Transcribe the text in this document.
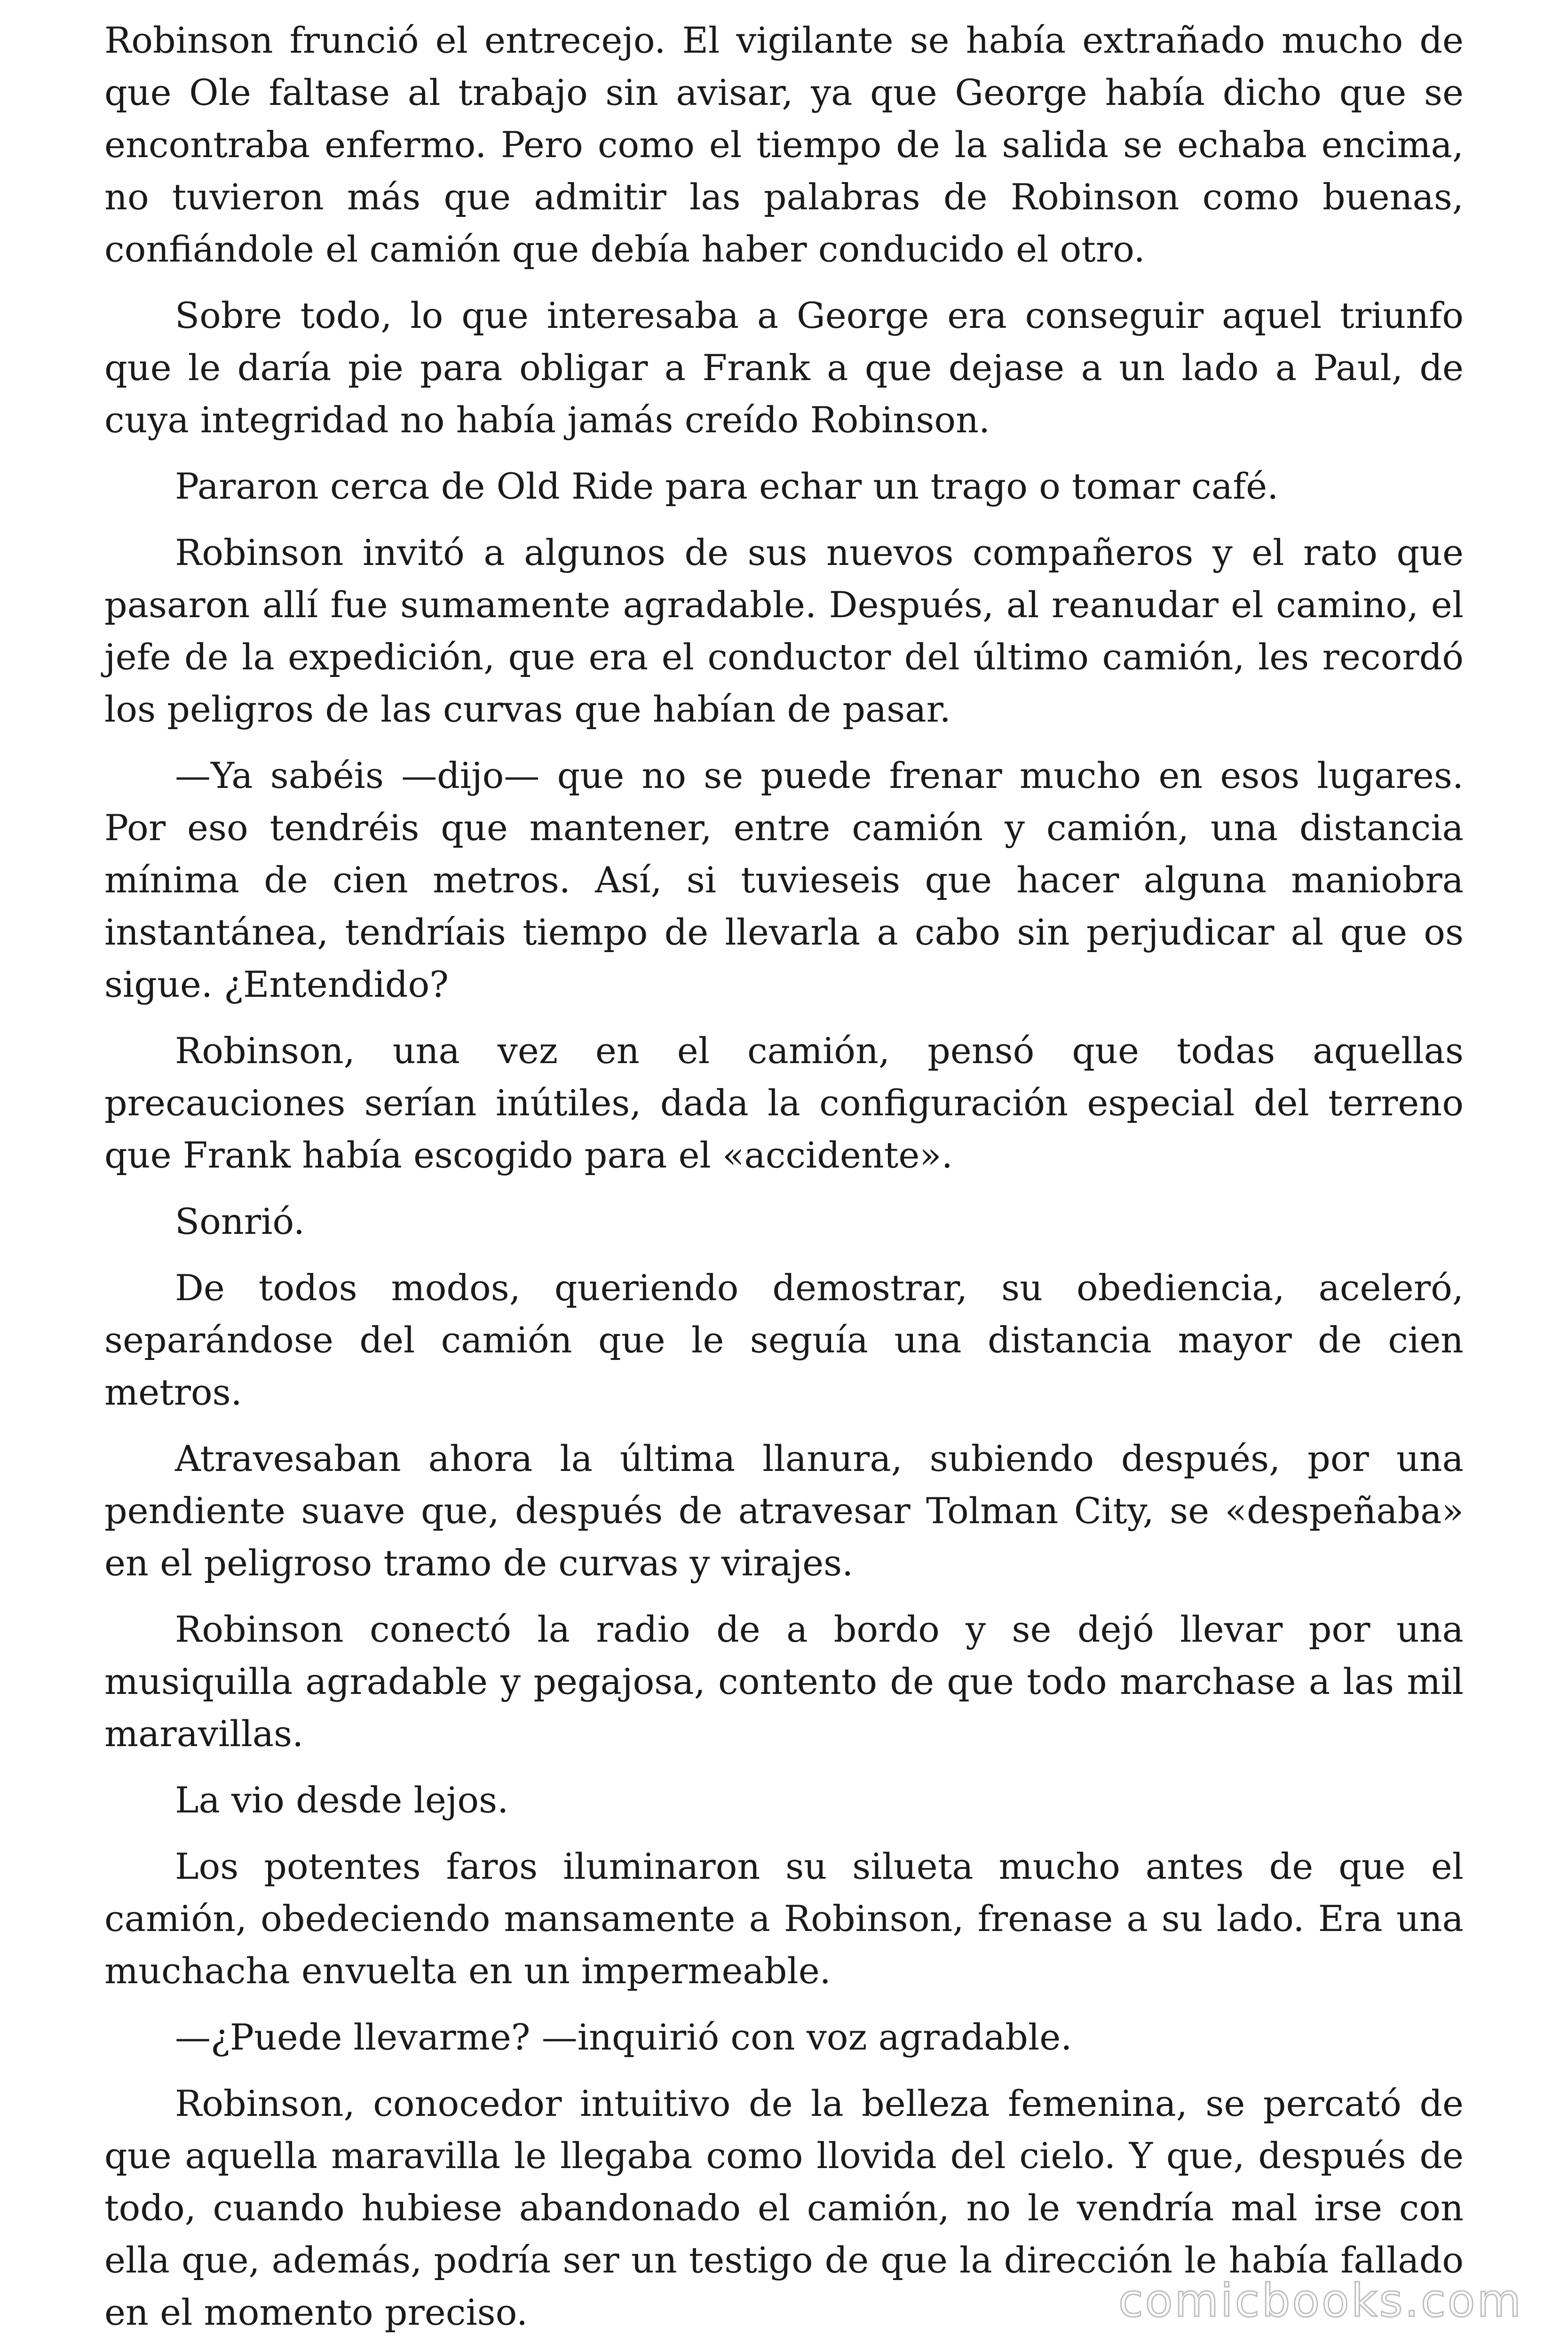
Robinson frunció el entrecejo. El vigilante se había extrañado mucho de que Ole faltase al trabajo sin avisar, ya que George había dicho que se encontraba enfermo. Pero como el tiempo de la salida se echaba encima, no tuvieron más que admitir las palabras de Robinson como buenas, confiándole el camión que debía haber conducido el otro.

Sobre todo, lo que interesaba a George era conseguir aquel triunfo que le daría pie para obligar a Frank a que dejase a un lado a Paul, de cuya integridad no había jamás creído Robinson.

Pararon cerca de Old Ride para echar un trago o tomar café.

Robinson invitó a algunos de sus nuevos compañeros y el rato que pasaron allí fue sumamente agradable. Después, al reanudar el camino, el jefe de la expedición, que era el conductor del último camión, les recordó los peligros de las curvas que habían de pasar.

—Ya sabéis —dijo— que no se puede frenar mucho en esos lugares. Por eso tendréis que mantener, entre camión y camión, una distancia mínima de cien metros. Así, si tuvieseis que hacer alguna maniobra instantánea, tendríais tiempo de llevarla a cabo sin perjudicar al que os sigue. ¿Entendido?

Robinson, una vez en el camión, pensó que todas aquellas precauciones serían inútiles, dada la configuración especial del terreno que Frank había escogido para el «accidente».

Sonrió.

De todos modos, queriendo demostrar, su obediencia, aceleró, separándose del camión que le seguía una distancia mayor de cien metros.

Atravesaban ahora la última llanura, subiendo después, por una pendiente suave que, después de atravesar Tolman City, se «despeñaba» en el peligroso tramo de curvas y virajes.

Robinson conectó la radio de a bordo y se dejó llevar por una musiquilla agradable y pegajosa, contento de que todo marchase a las mil maravillas.

La vio desde lejos.

Los potentes faros iluminaron su silueta mucho antes de que el camión, obedeciendo mansamente a Robinson, frenase a su lado. Era una muchacha envuelta en un impermeable.

—¿Puede llevarme? —inquirió con voz agradable.

Robinson, conocedor intuitivo de la belleza femenina, se percató de que aquella maravilla le llegaba como llovida del cielo. Y que, después de todo, cuando hubiese abandonado el camión, no le vendría mal irse con ella que, además, podría ser un testigo de que la dirección le había fallado en el momento preciso.	comicbooks.com
